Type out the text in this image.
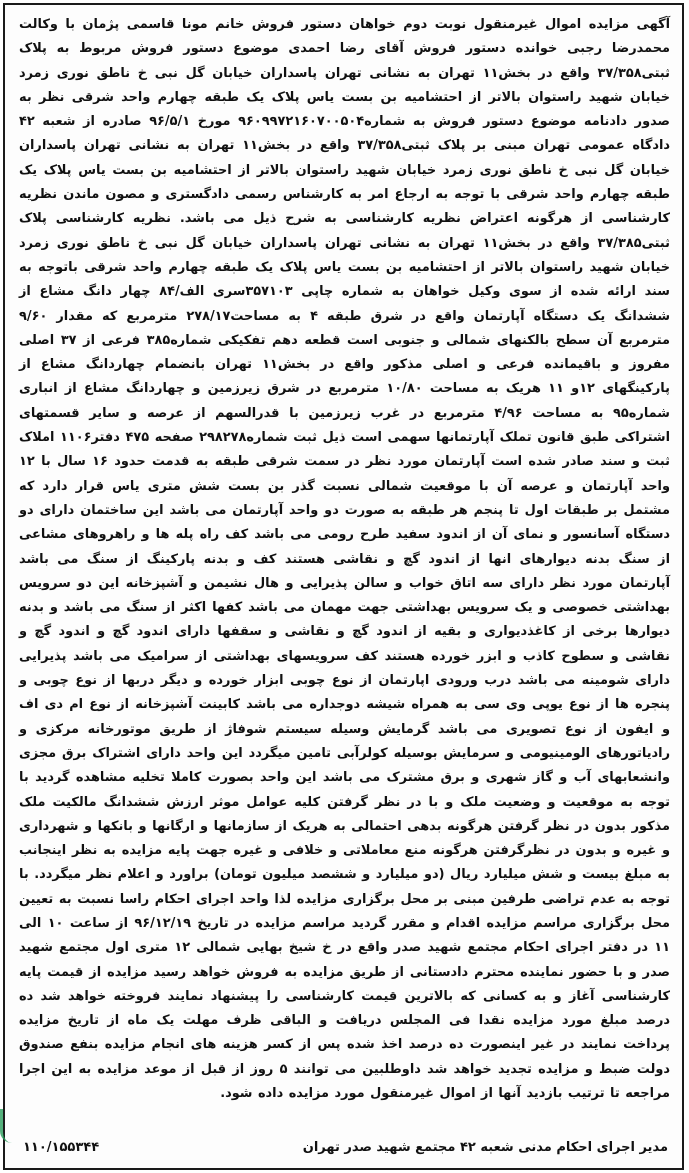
آگهی مزایده اموال غیرمنقول نوبت دوم خواهان دستور فروش خانم مونا قاسمی پژمان با وکالت محمدرضا رجبی خوانده دستور فروش آقای رضا احمدی موضوع دستور فروش مربوط به پلاک ثبتی۳۷/۳۵۸ واقع در بخش۱۱ تهران به نشانی تهران پاسداران خیابان گل نبی خ ناطق نوری زمرد خیابان شهید راستوان بالاتر از احتشامیه بن بست یاس پلاک یک طبقه چهارم واحد شرقی نظر به صدور دادنامه موضوع دستور فروش به شماره۹۶۰۹۹۷۲۱۶۰۷۰۰۵۰۴ مورخ ۹۶/۵/۱ صادره از شعبه ۴۲ دادگاه عمومی تهران مبنی بر پلاک ثبتی۳۷/۳۵۸ واقع در بخش۱۱ تهران به نشانی تهران پاسداران خیابان گل نبی خ ناطق نوری زمرد خیابان شهید راستوان بالاتر از احتشامیه بن بست یاس پلاک یک طبقه چهارم واحد شرقی با توجه به ارجاع امر به کارشناس رسمی دادگستری و مصون ماندن نظریه کارشناسی از هرگونه اعتراض نظریه کارشناسی به شرح ذیل می باشد. نظریه کارشناسی پلاک ثبتی۳۷/۳۸۵ واقع در بخش۱۱ تهران به نشانی تهران پاسداران خیابان گل نبی خ ناطق نوری زمرد خیابان شهید راستوان بالاتر از احتشامیه بن بست یاس پلاک یک طبقه چهارم واحد شرقی باتوجه به سند ارائه شده از سوی وکیل خواهان به شماره چاپی ۳۵۷۱۰۳سری الف/۸۴ چهار دانگ مشاع از ششدانگ یک دستگاه آپارتمان واقع در شرق طبقه ۴ به مساحت۲۷۸/۱۷ مترمربع که مقدار ۹/۶۰ مترمربع آن سطح بالکنهای شمالی و جنوبی است قطعه دهم تفکیکی شماره۳۸۵ فرعی از ۳۷ اصلی مفروز و باقیمانده فرعی و اصلی مذکور واقع در بخش۱۱ تهران بانضمام چهاردانگ مشاع از پارکینگهای ۱۲و ۱۱ هریک به مساحت ۱۰/۸۰ مترمربع در شرق زیرزمین و چهاردانگ مشاع از انباری شماره۹۵ به مساحت ۴/۹۶ مترمربع در غرب زیرزمین با قدرالسهم از عرصه و سایر قسمتهای اشتراکی طبق قانون تملک آپارتمانها سهمی است ذیل ثبت شماره۲۹۸۲۷۸ صفحه ۴۷۵ دفتر۱۱۰۶ املاک ثبت و سند صادر شده است آپارتمان مورد نظر در سمت شرقی طبقه به قدمت حدود ۱۶ سال با ۱۲ واحد آپارتمان و عرصه آن با موقعیت شمالی نسبت گذر بن بست شش متری یاس قرار دارد که مشتمل بر طبقات اول تا پنجم هر طبقه به صورت دو واحد آپارتمان می باشد این ساختمان دارای دو دستگاه آسانسور و نمای آن از اندود سفید طرح رومی می باشد کف راه پله ها و راهروهای مشاعی از سنگ بدنه دیوارهای انها از اندود گچ و نقاشی هستند کف و بدنه پارکینگ از سنگ می باشد آپارتمان مورد نظر دارای سه اتاق خواب و سالن پذیرایی و هال نشیمن و آشپزخانه این دو سرویس بهداشتی خصوصی و یک سرویس بهداشتی جهت مهمان می باشد کفها اکثر از سنگ می باشد و بدنه دیوارها برخی از کاغذدیواری و بقیه از اندود گچ و نقاشی و سقفها دارای اندود گچ و اندود گچ و نقاشی و سطوح کاذب و ابزر خورده هستند کف سرویسهای بهداشتی از سرامیک می باشد پذیرایی دارای شومینه می باشد درب ورودی اپارتمان از نوع چوبی ابزار خورده و دیگر دربها از نوع چوبی و پنجره ها از نوع یوپی وی سی به همراه شیشه دوجداره می باشد کابینت آشپزخانه از نوع ام دی اف و ایفون از نوع تصویری می باشد گرمایش وسیله سیستم شوفاژ از طریق موتورخانه مرکزی و رادیاتورهای الومینیومی و سرمایش بوسیله کولرآبی تامین میگردد این واحد دارای اشتراک برق مجزی وانشعابهای آب و گاز شهری و برق مشترک می باشد این واحد بصورت کاملا تخلیه مشاهده گردید با توجه به موقعیت و وضعیت ملک و با در نظر گرفتن کلیه عوامل موثر ارزش ششدانگ مالکیت ملک مذکور بدون در نظر گرفتن هرگونه بدهی احتمالی به هریک از سازمانها و ارگانها و بانکها و شهرداری و غیره و بدون در نظرگرفتن هرگونه منع معاملاتی و خلافی و غیره جهت پایه مزایده به نظر اینجانب به مبلغ بیست و شش میلیارد ریال (دو میلیارد و ششصد میلیون تومان) براورد و اعلام نظر میگردد. با توجه به عدم تراضی طرفین مبنی بر محل برگزاری مزایده لذا واحد اجرای احکام راسا نسبت به تعیین محل برگزاری مراسم مزایده اقدام و مقرر گردید مراسم مزایده در تاریخ ۹۶/۱۲/۱۹ از ساعت ۱۰ الی ۱۱ در دفتر اجرای احکام مجتمع شهید صدر واقع در خ شیخ بهایی شمالی ۱۲ متری اول مجتمع شهید صدر و با حضور نماینده محترم دادستانی از طریق مزایده به فروش خواهد رسید مزایده از قیمت پایه کارشناسی آغاز و به کسانی که بالاترین قیمت کارشناسی را پیشنهاد نمایند فروخته خواهد شد ده درصد مبلغ مورد مزایده نقدا فی المجلس دریافت و الباقی ظرف مهلت یک ماه از تاریخ مزایده پرداخت نمایند در غیر اینصورت ده درصد اخذ شده پس از کسر هزینه های انجام مزایده بنفع صندوق دولت ضبط و مزایده تجدید خواهد شد داوطلبین می توانند ۵ روز از قبل از موعد مزایده به این اجرا مراجعه تا ترتیب بازدید آنها از اموال غیرمنقول مورد مزایده داده شود.
مدیر اجرای احکام مدنی شعبه ۴۲ مجتمع شهید صدر تهران
۱۱۰/۱۵۵۳۴۴
